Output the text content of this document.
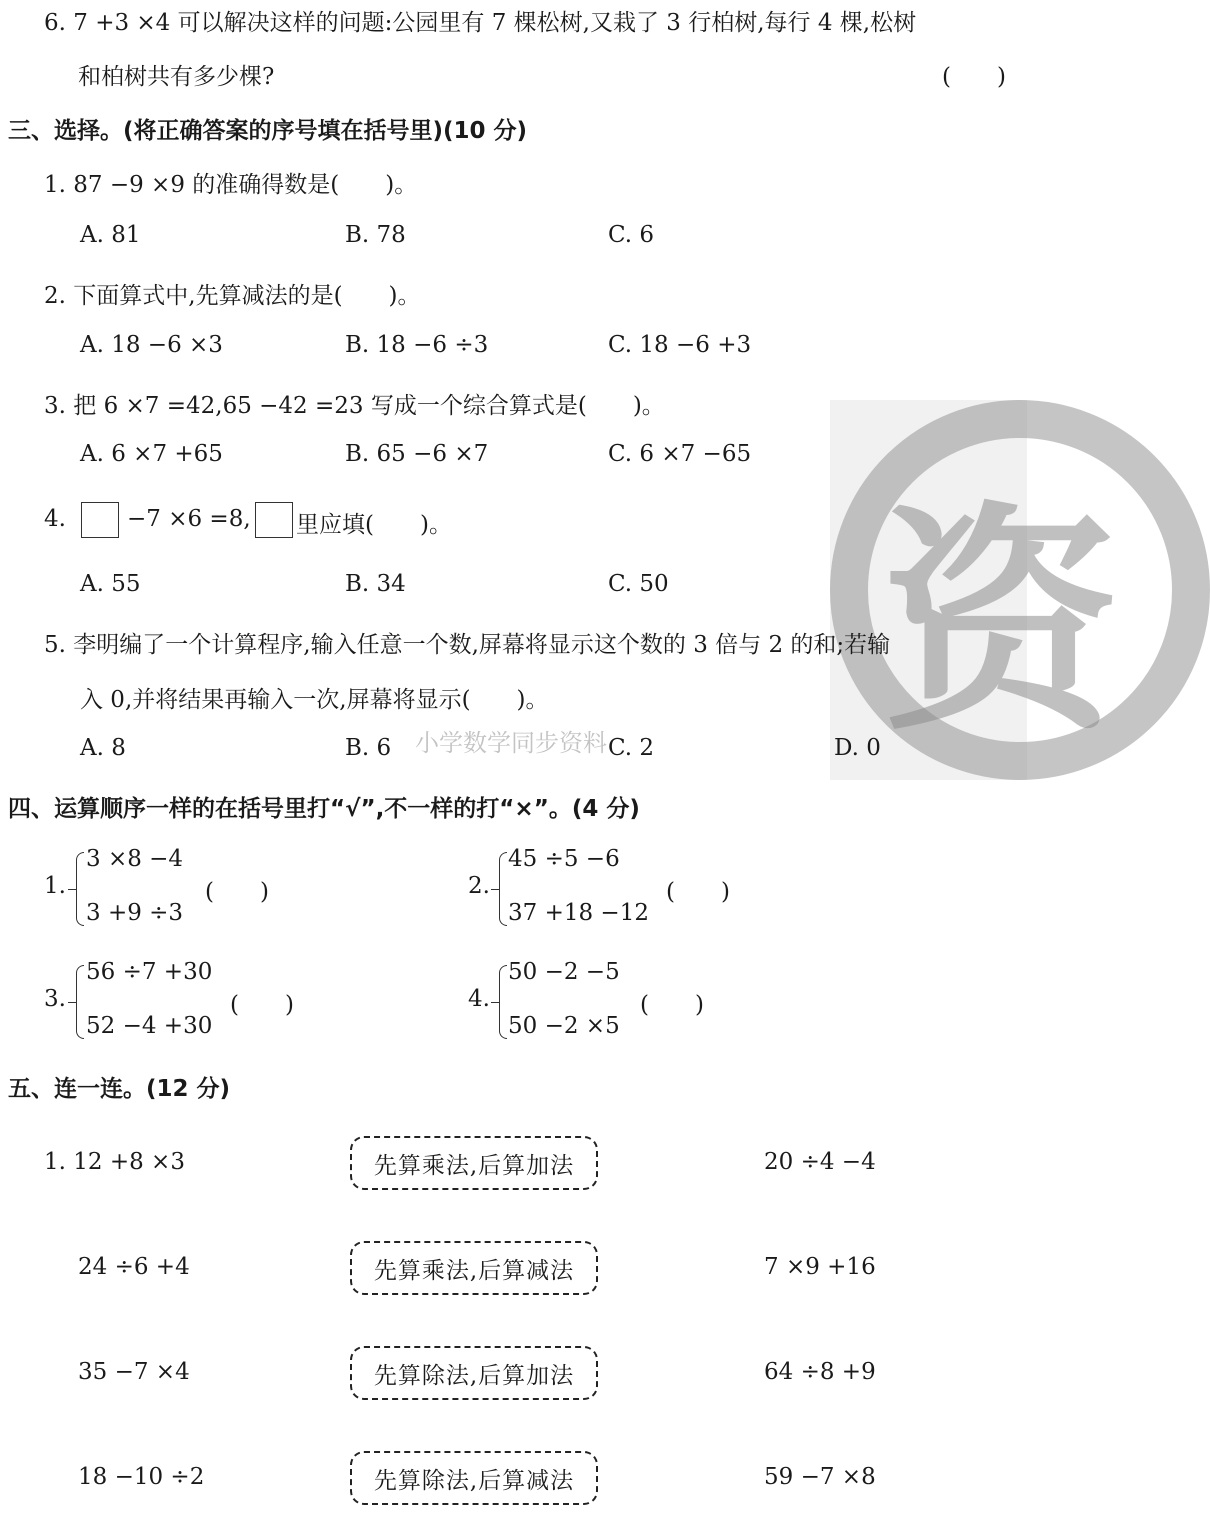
资
小学数学同步资料
6. 7 +3 ×4 可以解决这样的问题:公园里有 7 棵松树,又栽了 3 行柏树,每行 4 棵,松树
和柏树共有多少棵?	(　　)
三、选择。(将正确答案的序号填在括号里)(10 分)
1. 87 −9 ×9 的准确得数是(　　)。
A. 81	B. 78	C. 6
2. 下面算式中,先算减法的是(　　)。
A. 18 −6 ×3	B. 18 −6 ÷3	C. 18 −6 +3
3. 把 6 ×7 =42,65 −42 =23 写成一个综合算式是(　　)。
A. 6 ×7 +65	B. 65 −6 ×7	C. 6 ×7 −65
4.	−7 ×6 =8, 里应填(　　)。
A. 55	B. 34	C. 50
5. 李明编了一个计算程序,输入任意一个数,屏幕将显示这个数的 3 倍与 2 的和;若输
入 0,并将结果再输入一次,屏幕将显示(　　)。
A. 8	B. 6	C. 2	D. 0
四、运算顺序一样的在括号里打“√”,不一样的打“×”。(4 分)
1.
3 ×8 −4
3 +9 ÷3
(　　)	2.
45 ÷5 −6
37 +18 −12
(　　)
3.
56 ÷7 +30
52 −4 +30
(　　)	4.
50 −2 −5
50 −2 ×5
(　　)
五、连一连。(12 分)
1. 12 +8 ×3	先算乘法,后算加法	20 ÷4 −4
24 ÷6 +4	先算乘法,后算减法	7 ×9 +16
35 −7 ×4	先算除法,后算加法	64 ÷8 +9
18 −10 ÷2	先算除法,后算减法	59 −7 ×8
